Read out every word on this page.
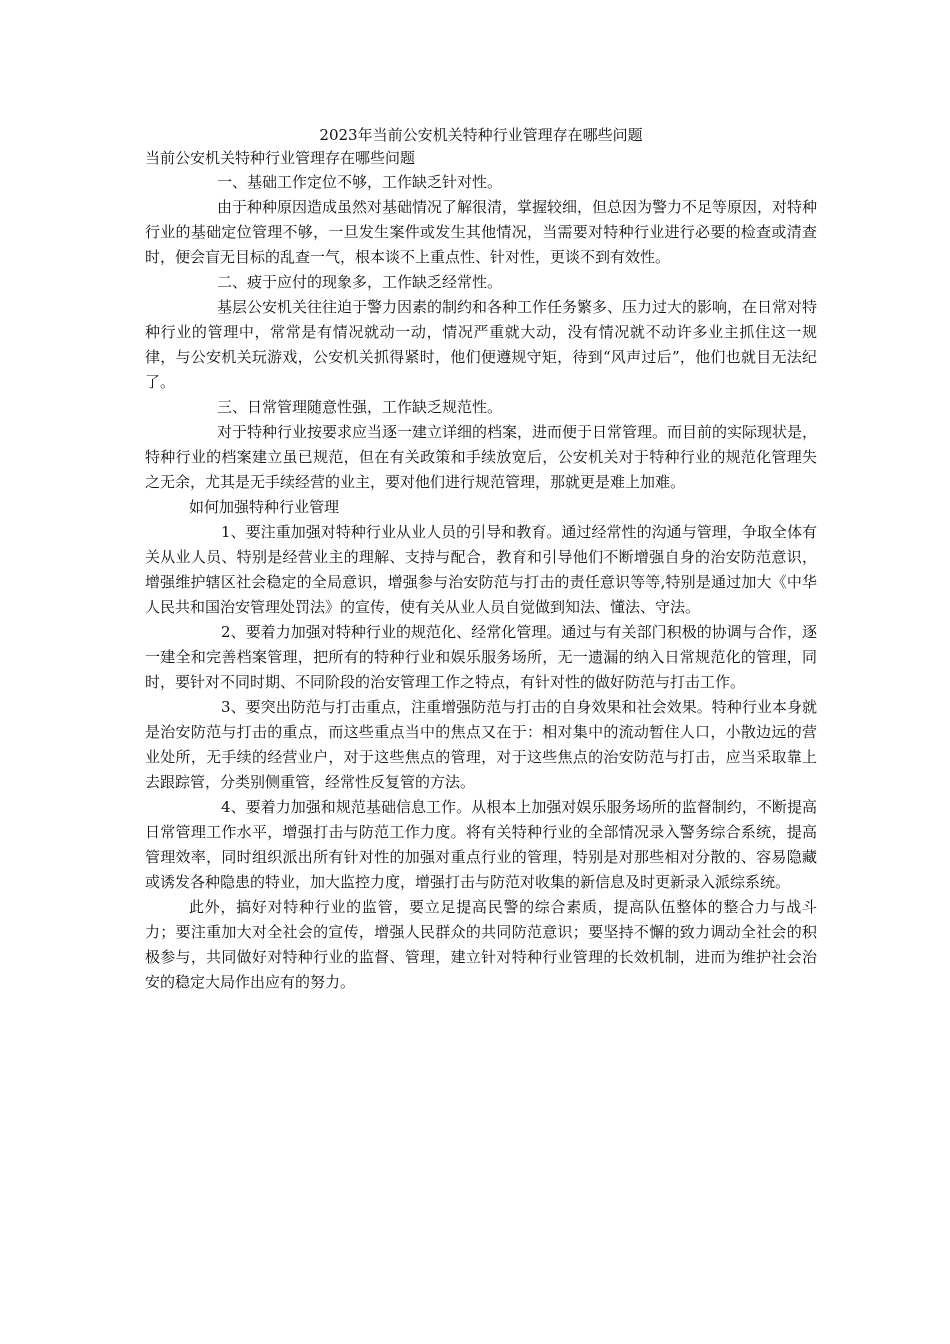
2023年当前公安机关特种行业管理存在哪些问题

当前公安机关特种行业管理存在哪些问题

一、基础工作定位不够，工作缺乏针对性。

由于种种原因造成虽然对基础情况了解很清，掌握较细，但总因为警力不足等原因，对特种行业的基础定位管理不够，一旦发生案件或发生其他情况，当需要对特种行业进行必要的检查或清查时，便会盲无目标的乱查一气，根本谈不上重点性、针对性，更谈不到有效性。

二、疲于应付的现象多，工作缺乏经常性。

基层公安机关往往迫于警力因素的制约和各种工作任务繁多、压力过大的影响，在日常对特种行业的管理中，常常是有情况就动一动，情况严重就大动，没有情况就不动许多业主抓住这一规律，与公安机关玩游戏，公安机关抓得紧时，他们便遵规守矩，待到“风声过后”，他们也就目无法纪了。

三、日常管理随意性强，工作缺乏规范性。

对于特种行业按要求应当逐一建立详细的档案，进而便于日常管理。而目前的实际现状是，特种行业的档案建立虽已规范，但在有关政策和手续放宽后，公安机关对于特种行业的规范化管理失之无余，尤其是无手续经营的业主，要对他们进行规范管理，那就更是难上加难。

如何加强特种行业管理

1、要注重加强对特种行业从业人员的引导和教育。通过经常性的沟通与管理，争取全体有关从业人员、特别是经营业主的理解、支持与配合，教育和引导他们不断增强自身的治安防范意识，增强维护辖区社会稳定的全局意识，增强参与治安防范与打击的责任意识等等,特别是通过加大《中华人民共和国治安管理处罚法》的宣传，使有关从业人员自觉做到知法、懂法、守法。

2、要着力加强对特种行业的规范化、经常化管理。通过与有关部门积极的协调与合作，逐一建全和完善档案管理，把所有的特种行业和娱乐服务场所，无一遗漏的纳入日常规范化的管理，同时，要针对不同时期、不同阶段的治安管理工作之特点，有针对性的做好防范与打击工作。

3、要突出防范与打击重点，注重增强防范与打击的自身效果和社会效果。特种行业本身就是治安防范与打击的重点，而这些重点当中的焦点又在于：相对集中的流动暂住人口，小散边远的营业处所，无手续的经营业户，对于这些焦点的管理，对于这些焦点的治安防范与打击，应当采取靠上去跟踪管，分类别侧重管，经常性反复管的方法。

4、要着力加强和规范基础信息工作。从根本上加强对娱乐服务场所的监督制约，不断提高日常管理工作水平，增强打击与防范工作力度。将有关特种行业的全部情况录入警务综合系统，提高管理效率，同时组织派出所有针对性的加强对重点行业的管理，特别是对那些相对分散的、容易隐藏或诱发各种隐患的特业，加大监控力度，增强打击与防范对收集的新信息及时更新录入派综系统。

此外，搞好对特种行业的监管，要立足提高民警的综合素质，提高队伍整体的整合力与战斗力；要注重加大对全社会的宣传，增强人民群众的共同防范意识；要坚持不懈的致力调动全社会的积极参与，共同做好对特种行业的监督、管理，建立针对特种行业管理的长效机制，进而为维护社会治安的稳定大局作出应有的努力。
